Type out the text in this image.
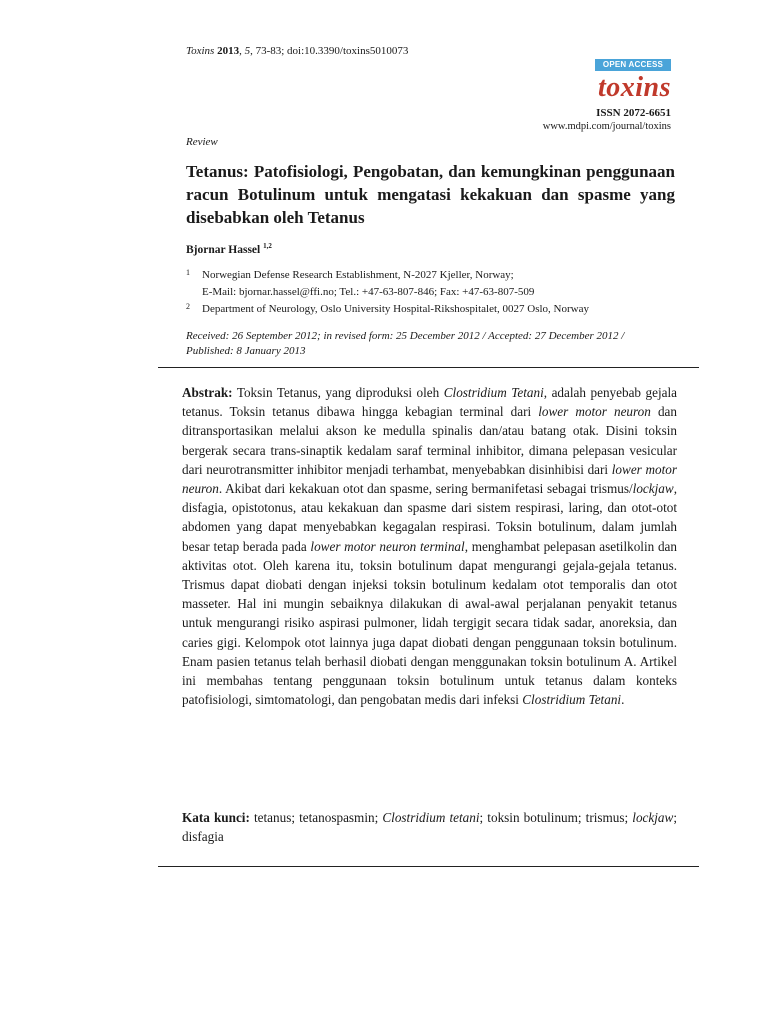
Toxins 2013, 5, 73-83; doi:10.3390/toxins5010073
OPEN ACCESS
toxins
ISSN 2072-6651
www.mdpi.com/journal/toxins
Review
Tetanus: Patofisiologi, Pengobatan, dan kemungkinan penggunaan racun Botulinum untuk mengatasi kekakuan dan spasme yang disebabkan oleh Tetanus
Bjornar Hassel $^{1,2}$
1 Norwegian Defense Research Establishment, N-2027 Kjeller, Norway;
E-Mail: bjornar.hassel@ffi.no; Tel.: +47-63-807-846; Fax: +47-63-807-509
2 Department of Neurology, Oslo University Hospital-Rikshospitalet, 0027 Oslo, Norway
Received: 26 September 2012; in revised form: 25 December 2012 / Accepted: 27 December 2012 / Published: 8 January 2013

Abstrak: Toksin Tetanus, yang diproduksi oleh Clostridium Tetani, adalah penyebab gejala tetanus. Toksin tetanus dibawa hingga kebagian terminal dari lower motor neuron dan ditransportasikan melalui akson ke medulla spinalis dan/atau batang otak. Disini toksin bergerak secara trans-sinaptik kedalam saraf terminal inhibitor, dimana pelepasan vesicular dari neurotransmitter inhibitor menjadi terhambat, menyebabkan disinhibisi dari lower motor neuron. Akibat dari kekakuan otot dan spasme, sering bermanifetasi sebagai trismus/lockjaw, disfagia, opistotonus, atau kekakuan dan spasme dari sistem respirasi, laring, dan otot-otot abdomen yang dapat menyebabkan kegagalan respirasi. Toksin botulinum, dalam jumlah besar tetap berada pada lower motor neuron terminal, menghambat pelepasan asetilkolin dan aktivitas otot. Oleh karena itu, toksin botulinum dapat mengurangi gejala-gejala tetanus. Trismus dapat diobati dengan injeksi toksin botulinum kedalam otot temporalis dan otot masseter. Hal ini mungin sebaiknya dilakukan di awal-awal perjalanan penyakit tetanus untuk mengurangi risiko aspirasi pulmoner, lidah tergigit secara tidak sadar, anoreksia, dan caries gigi. Kelompok otot lainnya juga dapat diobati dengan penggunaan toksin botulinum. Enam pasien tetanus telah berhasil diobati dengan menggunakan toksin botulinum A. Artikel ini membahas tentang penggunaan toksin botulinum untuk tetanus dalam konteks patofisiologi, simtomatologi, dan pengobatan medis dari infeksi Clostridium Tetani.

Kata kunci: tetanus; tetanospasmin; Clostridium tetani; toksin botulinum; trismus; lockjaw; disfagia
